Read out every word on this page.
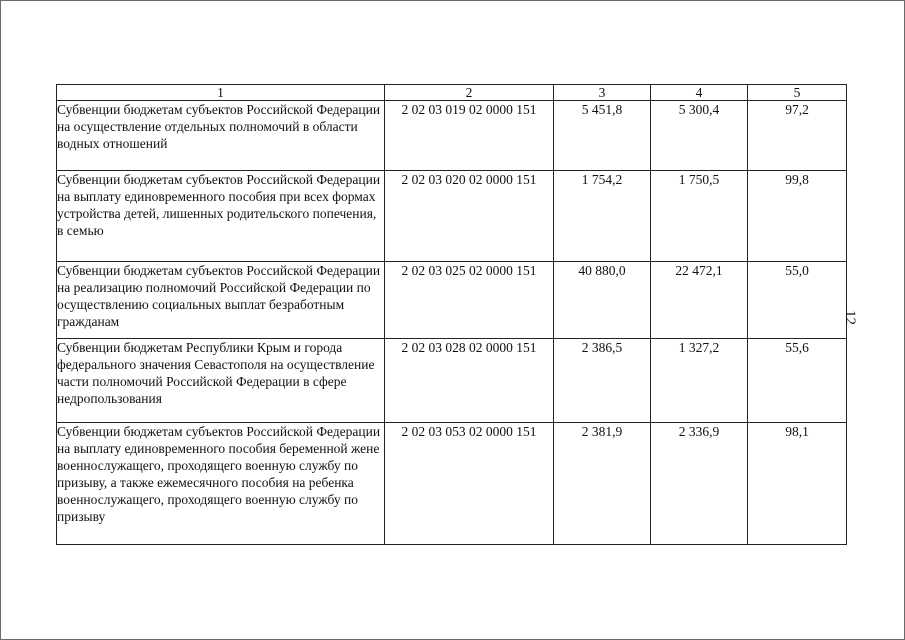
1	2	3	4	5
Субвенции бюджетам субъектов Российской Федерации на осуществление отдельных полномочий в области водных отношений	2 02 03 019 02 0000 151	5 451,8	5 300,4	97,2
Субвенции бюджетам субъектов Российской Федерации на выплату единовременного пособия при всех формах устройства детей, лишенных родительского попечения, в семью	2 02 03 020 02 0000 151	1 754,2	1 750,5	99,8
Субвенции бюджетам субъектов Российской Федерации на реализацию полномочий Российской Федерации по осуществлению социальных выплат безработным гражданам	2 02 03 025 02 0000 151	40 880,0	22 472,1	55,0
Субвенции бюджетам Республики Крым и города федерального значения Севастополя на осуществление части полномочий Российской Федерации в сфере недропользования	2 02 03 028 02 0000 151	2 386,5	1 327,2	55,6
Субвенции бюджетам субъектов Российской Федерации на выплату единовременного пособия беременной жене военнослужащего, проходящего военную службу по призыву, а также ежемесячного пособия на ребенка военнослужащего, проходящего военную службу по призыву	2 02 03 053 02 0000 151	2 381,9	2 336,9	98,1
12
